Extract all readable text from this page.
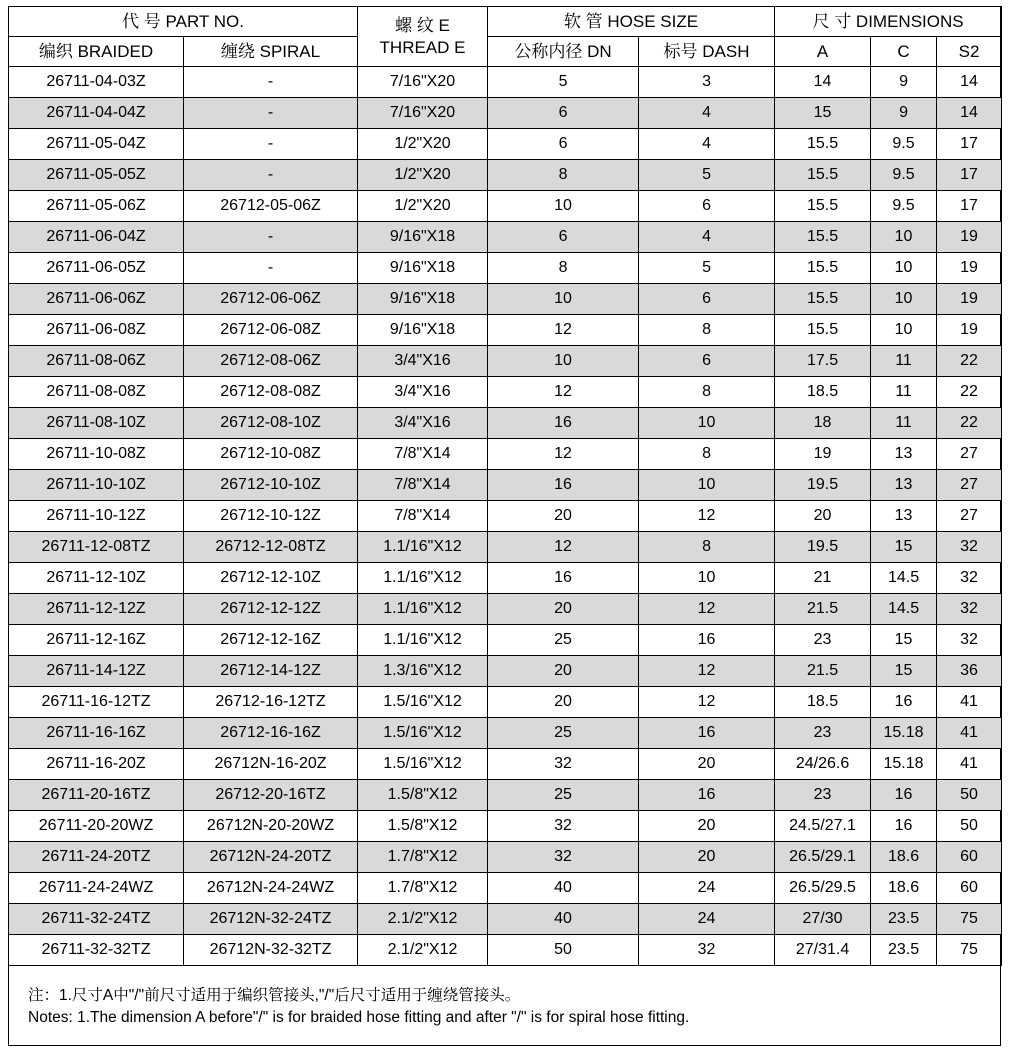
代 号 PART NO.		螺 纹 E
THREAD E	软 管 HOSE SIZE		尺 寸 DIMENSIONS		
编织 BRAIDED	缠绕 SPIRAL		公称内径 DN	标号 DASH	A	C	S2
26711-04-03Z	-	7/16"X20	5	3	14	9	14
26711-04-04Z	-	7/16"X20	6	4	15	9	14
26711-05-04Z	-	1/2"X20	6	4	15.5	9.5	17
26711-05-05Z	-	1/2"X20	8	5	15.5	9.5	17
26711-05-06Z	26712-05-06Z	1/2"X20	10	6	15.5	9.5	17
26711-06-04Z	-	9/16"X18	6	4	15.5	10	19
26711-06-05Z	-	9/16"X18	8	5	15.5	10	19
26711-06-06Z	26712-06-06Z	9/16"X18	10	6	15.5	10	19
26711-06-08Z	26712-06-08Z	9/16"X18	12	8	15.5	10	19
26711-08-06Z	26712-08-06Z	3/4"X16	10	6	17.5	11	22
26711-08-08Z	26712-08-08Z	3/4"X16	12	8	18.5	11	22
26711-08-10Z	26712-08-10Z	3/4"X16	16	10	18	11	22
26711-10-08Z	26712-10-08Z	7/8"X14	12	8	19	13	27
26711-10-10Z	26712-10-10Z	7/8"X14	16	10	19.5	13	27
26711-10-12Z	26712-10-12Z	7/8"X14	20	12	20	13	27
26711-12-08TZ	26712-12-08TZ	1.1/16"X12	12	8	19.5	15	32
26711-12-10Z	26712-12-10Z	1.1/16"X12	16	10	21	14.5	32
26711-12-12Z	26712-12-12Z	1.1/16"X12	20	12	21.5	14.5	32
26711-12-16Z	26712-12-16Z	1.1/16"X12	25	16	23	15	32
26711-14-12Z	26712-14-12Z	1.3/16"X12	20	12	21.5	15	36
26711-16-12TZ	26712-16-12TZ	1.5/16"X12	20	12	18.5	16	41
26711-16-16Z	26712-16-16Z	1.5/16"X12	25	16	23	15.18	41
26711-16-20Z	26712N-16-20Z	1.5/16"X12	32	20	24/26.6	15.18	41
26711-20-16TZ	26712-20-16TZ	1.5/8"X12	25	16	23	16	50
26711-20-20WZ	26712N-20-20WZ	1.5/8"X12	32	20	24.5/27.1	16	50
26711-24-20TZ	26712N-24-20TZ	1.7/8"X12	32	20	26.5/29.1	18.6	60
26711-24-24WZ	26712N-24-24WZ	1.7/8"X12	40	24	26.5/29.5	18.6	60
26711-32-24TZ	26712N-32-24TZ	2.1/2"X12	40	24	27/30	23.5	75
26711-32-32TZ	26712N-32-32TZ	2.1/2"X12	50	32	27/31.4	23.5	75
注：1.尺寸A中"/"前尺寸适用于编织管接头,"/"后尺寸适用于缠绕管接头。
Notes: 1.The dimension A before"/" is for braided hose fitting and after "/" is for spiral hose fitting.
